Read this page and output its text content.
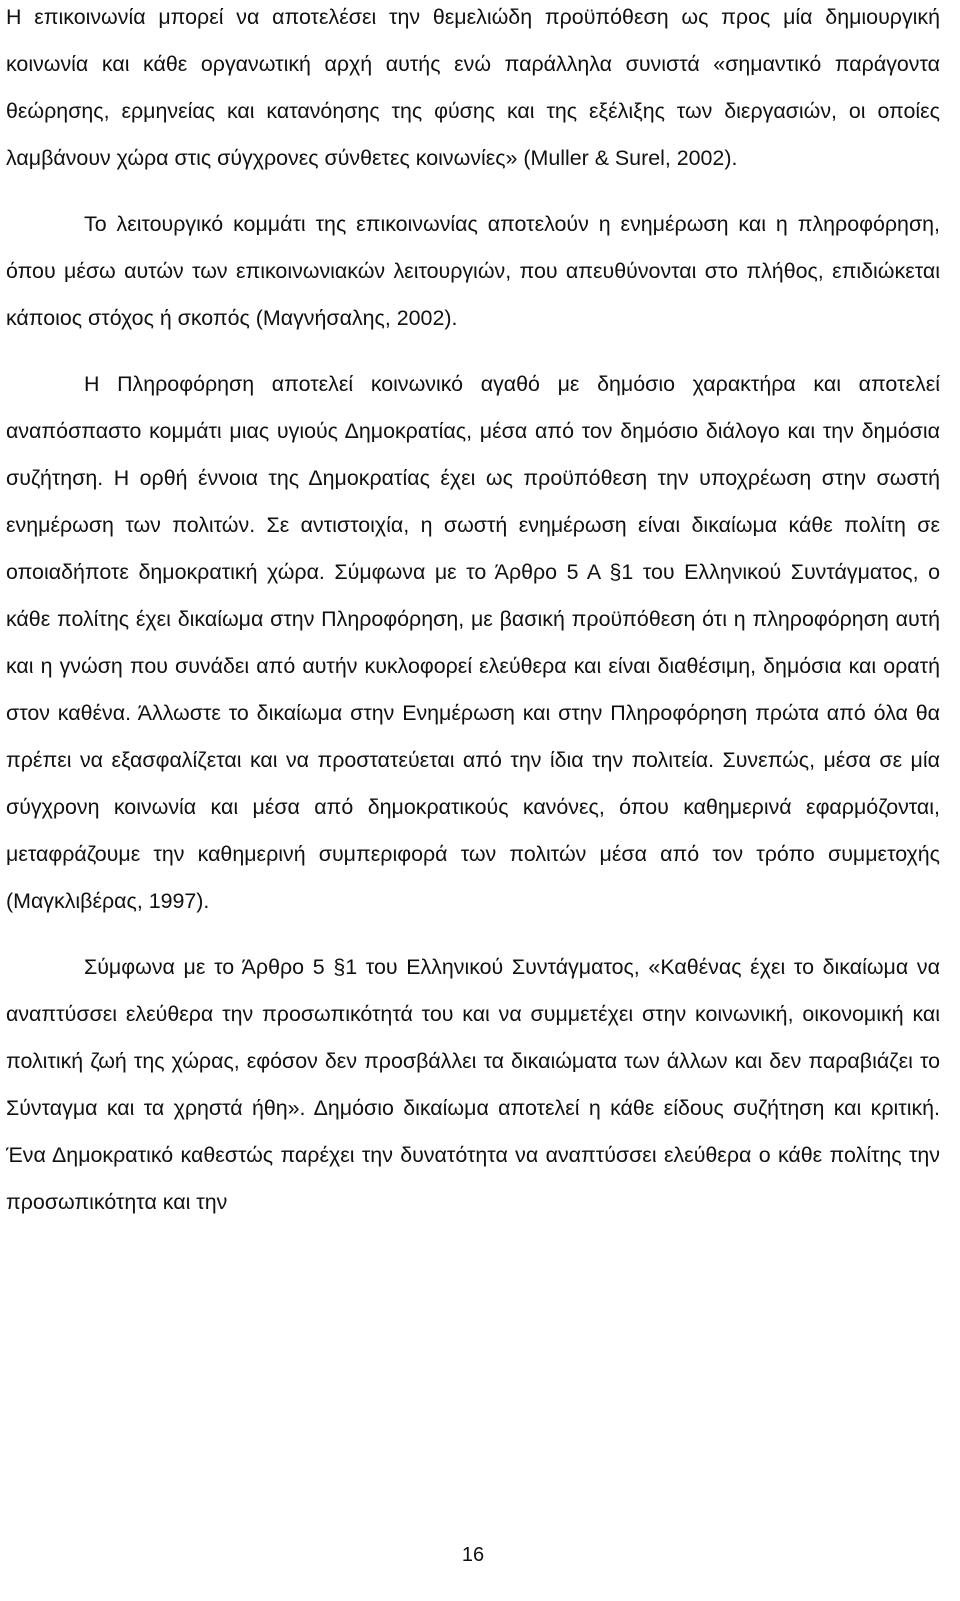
Η επικοινωνία μπορεί να αποτελέσει την θεμελιώδη προϋπόθεση ως προς μία δημιουργική κοινωνία και κάθε οργανωτική αρχή αυτής ενώ παράλληλα συνιστά «σημαντικό παράγοντα θεώρησης, ερμηνείας και κατανόησης της φύσης και της εξέλιξης των διεργασιών, οι οποίες λαμβάνουν χώρα στις σύγχρονες σύνθετες κοινωνίες» (Muller & Surel, 2002).

Το λειτουργικό κομμάτι της επικοινωνίας αποτελούν η ενημέρωση και η πληροφόρηση, όπου μέσω αυτών των επικοινωνιακών λειτουργιών, που απευθύνονται στο πλήθος, επιδιώκεται κάποιος στόχος ή σκοπός (Μαγνήσαλης, 2002).

Η Πληροφόρηση αποτελεί κοινωνικό αγαθό με δημόσιο χαρακτήρα και αποτελεί αναπόσπαστο κομμάτι μιας υγιούς Δημοκρατίας, μέσα από τον δημόσιο διάλογο και την δημόσια συζήτηση. Η ορθή έννοια της Δημοκρατίας έχει ως προϋπόθεση την υποχρέωση στην σωστή ενημέρωση των πολιτών. Σε αντιστοιχία, η σωστή ενημέρωση είναι δικαίωμα κάθε πολίτη σε οποιαδήποτε δημοκρατική χώρα. Σύμφωνα με το Άρθρο 5 Α §1 του Ελληνικού Συντάγματος, ο κάθε πολίτης έχει δικαίωμα στην Πληροφόρηση, με βασική προϋπόθεση ότι η πληροφόρηση αυτή και η γνώση που συνάδει από αυτήν κυκλοφορεί ελεύθερα και είναι διαθέσιμη, δημόσια και ορατή στον καθένα. Άλλωστε το δικαίωμα στην Ενημέρωση και στην Πληροφόρηση πρώτα από όλα θα πρέπει να εξασφαλίζεται και να προστατεύεται από την ίδια την πολιτεία. Συνεπώς, μέσα σε μία σύγχρονη κοινωνία και μέσα από δημοκρατικούς κανόνες, όπου καθημερινά εφαρμόζονται, μεταφράζουμε την καθημερινή συμπεριφορά των πολιτών μέσα από τον τρόπο συμμετοχής (Μαγκλιβέρας, 1997).

Σύμφωνα με το Άρθρο 5 §1 του Ελληνικού Συντάγματος, «Καθένας έχει το δικαίωμα να αναπτύσσει ελεύθερα την προσωπικότητά του και να συμμετέχει στην κοινωνική, οικονομική και πολιτική ζωή της χώρας, εφόσον δεν προσβάλλει τα δικαιώματα των άλλων και δεν παραβιάζει το Σύνταγμα και τα χρηστά ήθη». Δημόσιο δικαίωμα αποτελεί η κάθε είδους συζήτηση και κριτική. Ένα Δημοκρατικό καθεστώς παρέχει την δυνατότητα να αναπτύσσει ελεύθερα ο κάθε πολίτης την προσωπικότητα και την

16
